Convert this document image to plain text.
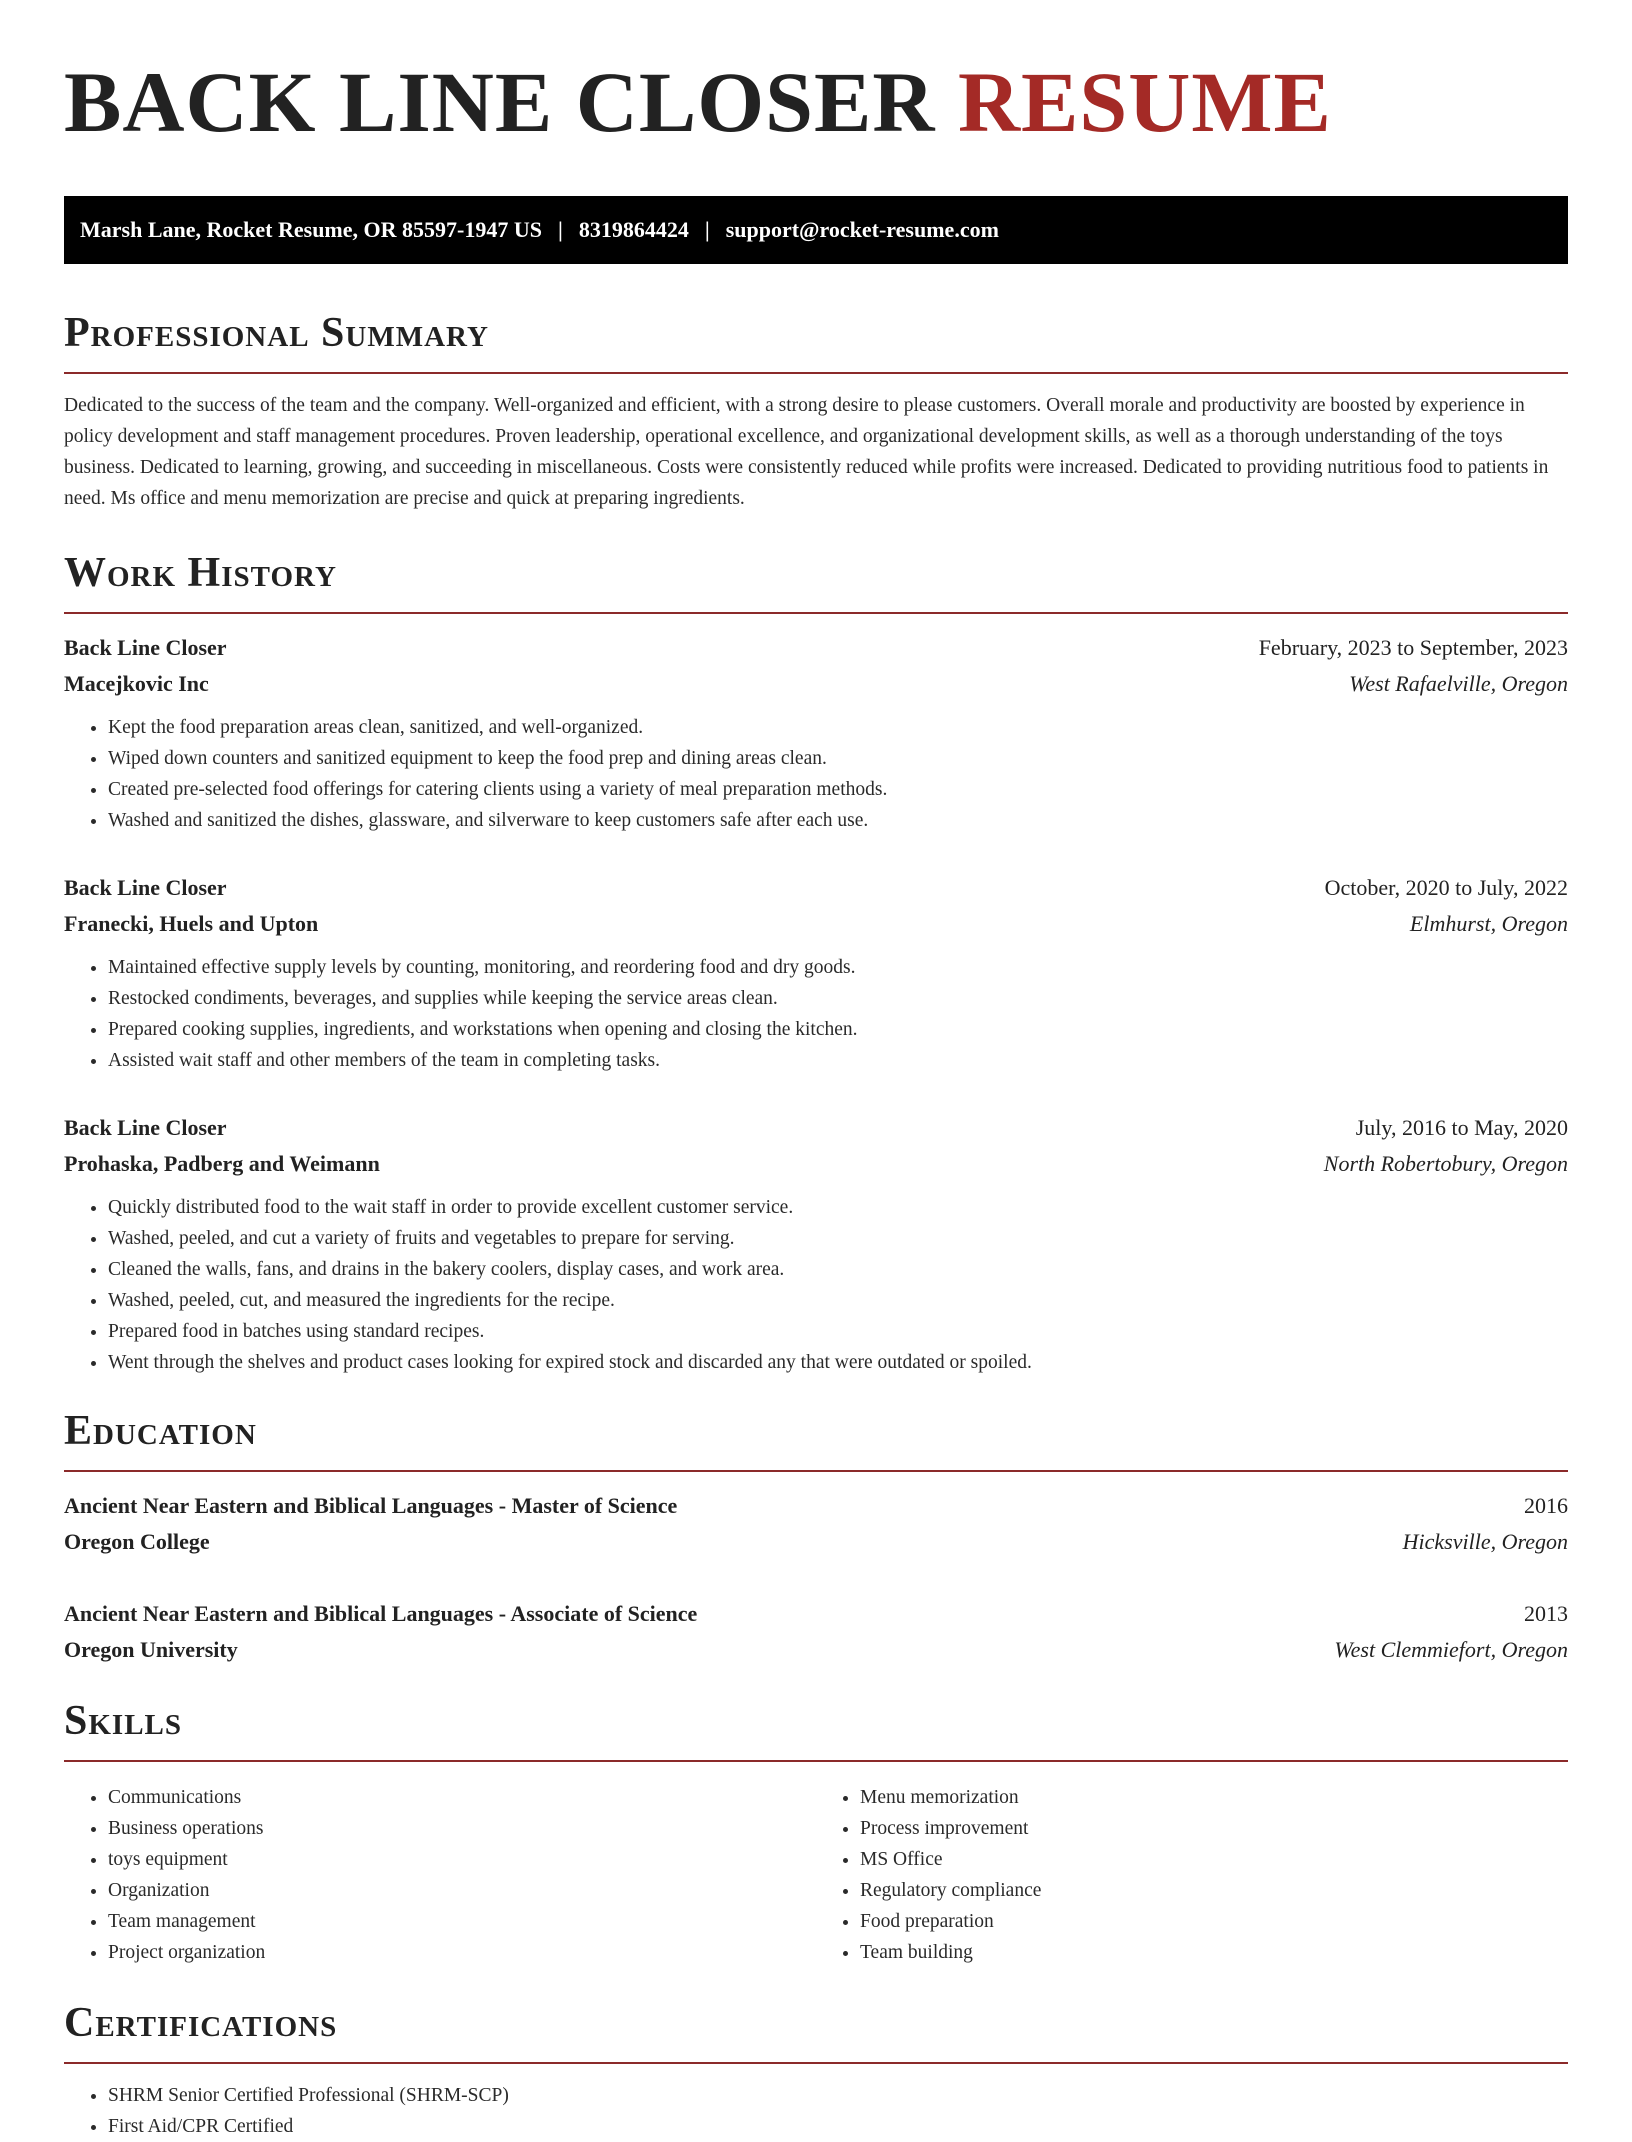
BACK LINE CLOSER RESUME
Marsh Lane, Rocket Resume, OR 85597-1947 US | 8319864424 | support@rocket-resume.com
Professional Summary

Dedicated to the success of the team and the company. Well-organized and efficient, with a strong desire to please customers. Overall morale and productivity are boosted by experience in policy development and staff management procedures. Proven leadership, operational excellence, and organizational development skills, as well as a thorough understanding of the toys business. Dedicated to learning, growing, and succeeding in miscellaneous. Costs were consistently reduced while profits were increased. Dedicated to providing nutritious food to patients in need. Ms office and menu memorization are precise and quick at preparing ingredients.

Work History
Back Line Closer	February, 2023 to September, 2023
Macejkovic Inc	West Rafaelville, Oregon
• Kept the food preparation areas clean, sanitized, and well-organized.
• Wiped down counters and sanitized equipment to keep the food prep and dining areas clean.
• Created pre-selected food offerings for catering clients using a variety of meal preparation methods.
• Washed and sanitized the dishes, glassware, and silverware to keep customers safe after each use.
Back Line Closer	October, 2020 to July, 2022
Franecki, Huels and Upton	Elmhurst, Oregon
• Maintained effective supply levels by counting, monitoring, and reordering food and dry goods.
• Restocked condiments, beverages, and supplies while keeping the service areas clean.
• Prepared cooking supplies, ingredients, and workstations when opening and closing the kitchen.
• Assisted wait staff and other members of the team in completing tasks.
Back Line Closer	July, 2016 to May, 2020
Prohaska, Padberg and Weimann	North Robertobury, Oregon
• Quickly distributed food to the wait staff in order to provide excellent customer service.
• Washed, peeled, and cut a variety of fruits and vegetables to prepare for serving.
• Cleaned the walls, fans, and drains in the bakery coolers, display cases, and work area.
• Washed, peeled, cut, and measured the ingredients for the recipe.
• Prepared food in batches using standard recipes.
• Went through the shelves and product cases looking for expired stock and discarded any that were outdated or spoiled.
Education
Ancient Near Eastern and Biblical Languages - Master of Science	2016
Oregon College	Hicksville, Oregon
Ancient Near Eastern and Biblical Languages - Associate of Science	2013
Oregon University	West Clemmiefort, Oregon
Skills
• Communications
• Business operations
• toys equipment
• Organization
• Team management
• Project organization
• Menu memorization
• Process improvement
• MS Office
• Regulatory compliance
• Food preparation
• Team building
Certifications
• SHRM Senior Certified Professional (SHRM-SCP)
• First Aid/CPR Certified
